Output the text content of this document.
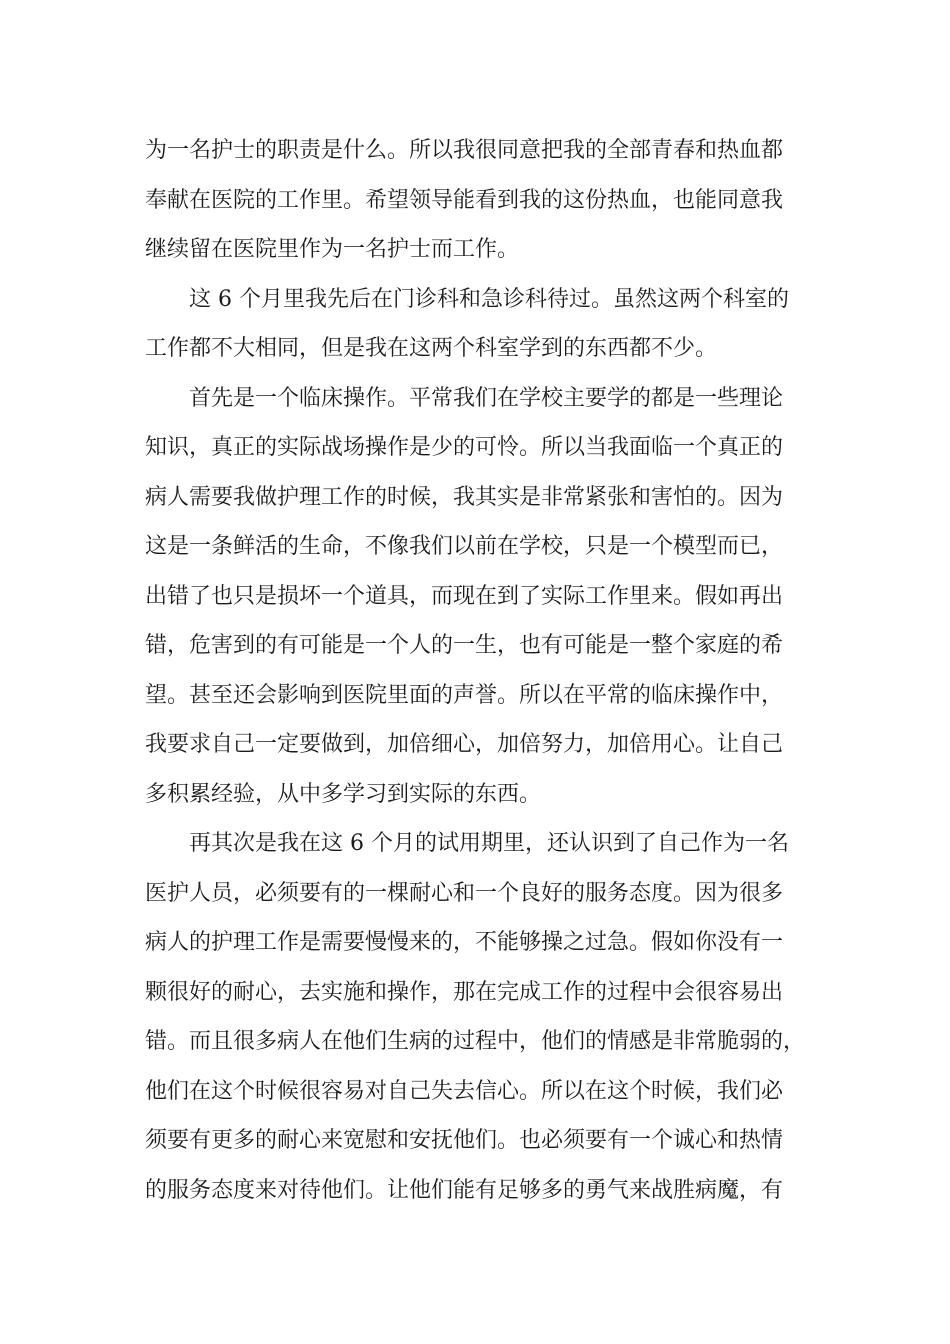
为一名护士的职责是什么。所以我很同意把我的全部青春和热血都
奉献在医院的工作里。希望领导能看到我的这份热血，也能同意我
继续留在医院里作为一名护士而工作。
这 6 个月里我先后在门诊科和急诊科待过。虽然这两个科室的
工作都不大相同，但是我在这两个科室学到的东西都不少。
首先是一个临床操作。平常我们在学校主要学的都是一些理论
知识，真正的实际战场操作是少的可怜。所以当我面临一个真正的
病人需要我做护理工作的时候，我其实是非常紧张和害怕的。因为
这是一条鲜活的生命，不像我们以前在学校，只是一个模型而已，
出错了也只是损坏一个道具，而现在到了实际工作里来。假如再出
错，危害到的有可能是一个人的一生，也有可能是一整个家庭的希
望。甚至还会影响到医院里面的声誉。所以在平常的临床操作中，
我要求自己一定要做到，加倍细心，加倍努力，加倍用心。让自己
多积累经验，从中多学习到实际的东西。
再其次是我在这 6 个月的试用期里，还认识到了自己作为一名
医护人员，必须要有的一棵耐心和一个良好的服务态度。因为很多
病人的护理工作是需要慢慢来的，不能够操之过急。假如你没有一
颗很好的耐心，去实施和操作，那在完成工作的过程中会很容易出
错。而且很多病人在他们生病的过程中，他们的情感是非常脆弱的，
他们在这个时候很容易对自己失去信心。所以在这个时候，我们必
须要有更多的耐心来宽慰和安抚他们。也必须要有一个诚心和热情
的服务态度来对待他们。让他们能有足够多的勇气来战胜病魔，有
